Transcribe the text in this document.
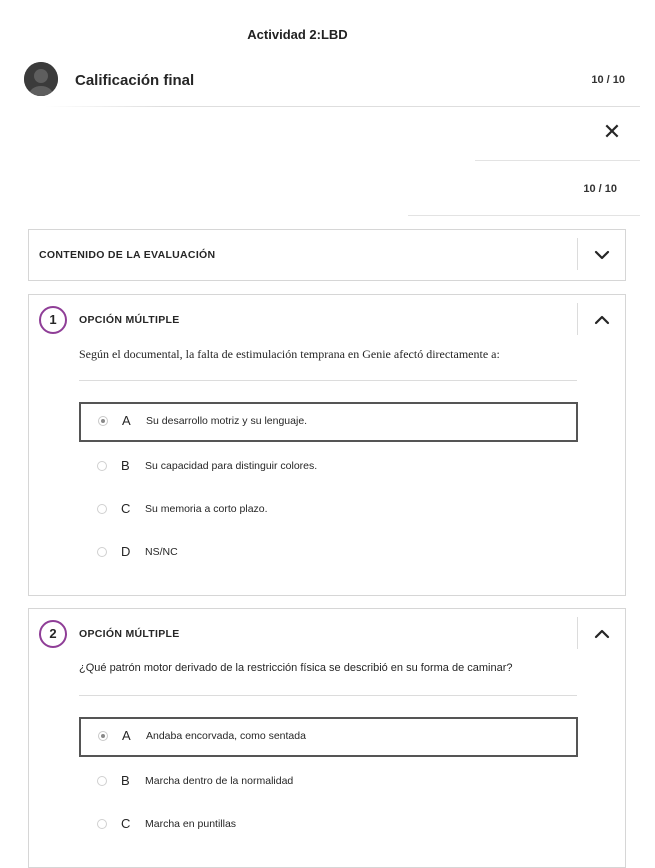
Actividad 2:LBD
Calificación final	10 / 10
✕
10 / 10
CONTENIDO DE LA EVALUACIÓN
1	OPCIÓN MÚLTIPLE
Según el documental, la falta de estimulación temprana en Genie afectó directamente a:
A Su desarrollo motriz y su lenguaje.
B Su capacidad para distinguir colores.
C Su memoria a corto plazo.
D NS/NC
2	OPCIÓN MÚLTIPLE
¿Qué patrón motor derivado de la restricción física se describió en su forma de caminar?
A Andaba encorvada, como sentada
B Marcha dentro de la normalidad
C Marcha en puntillas
